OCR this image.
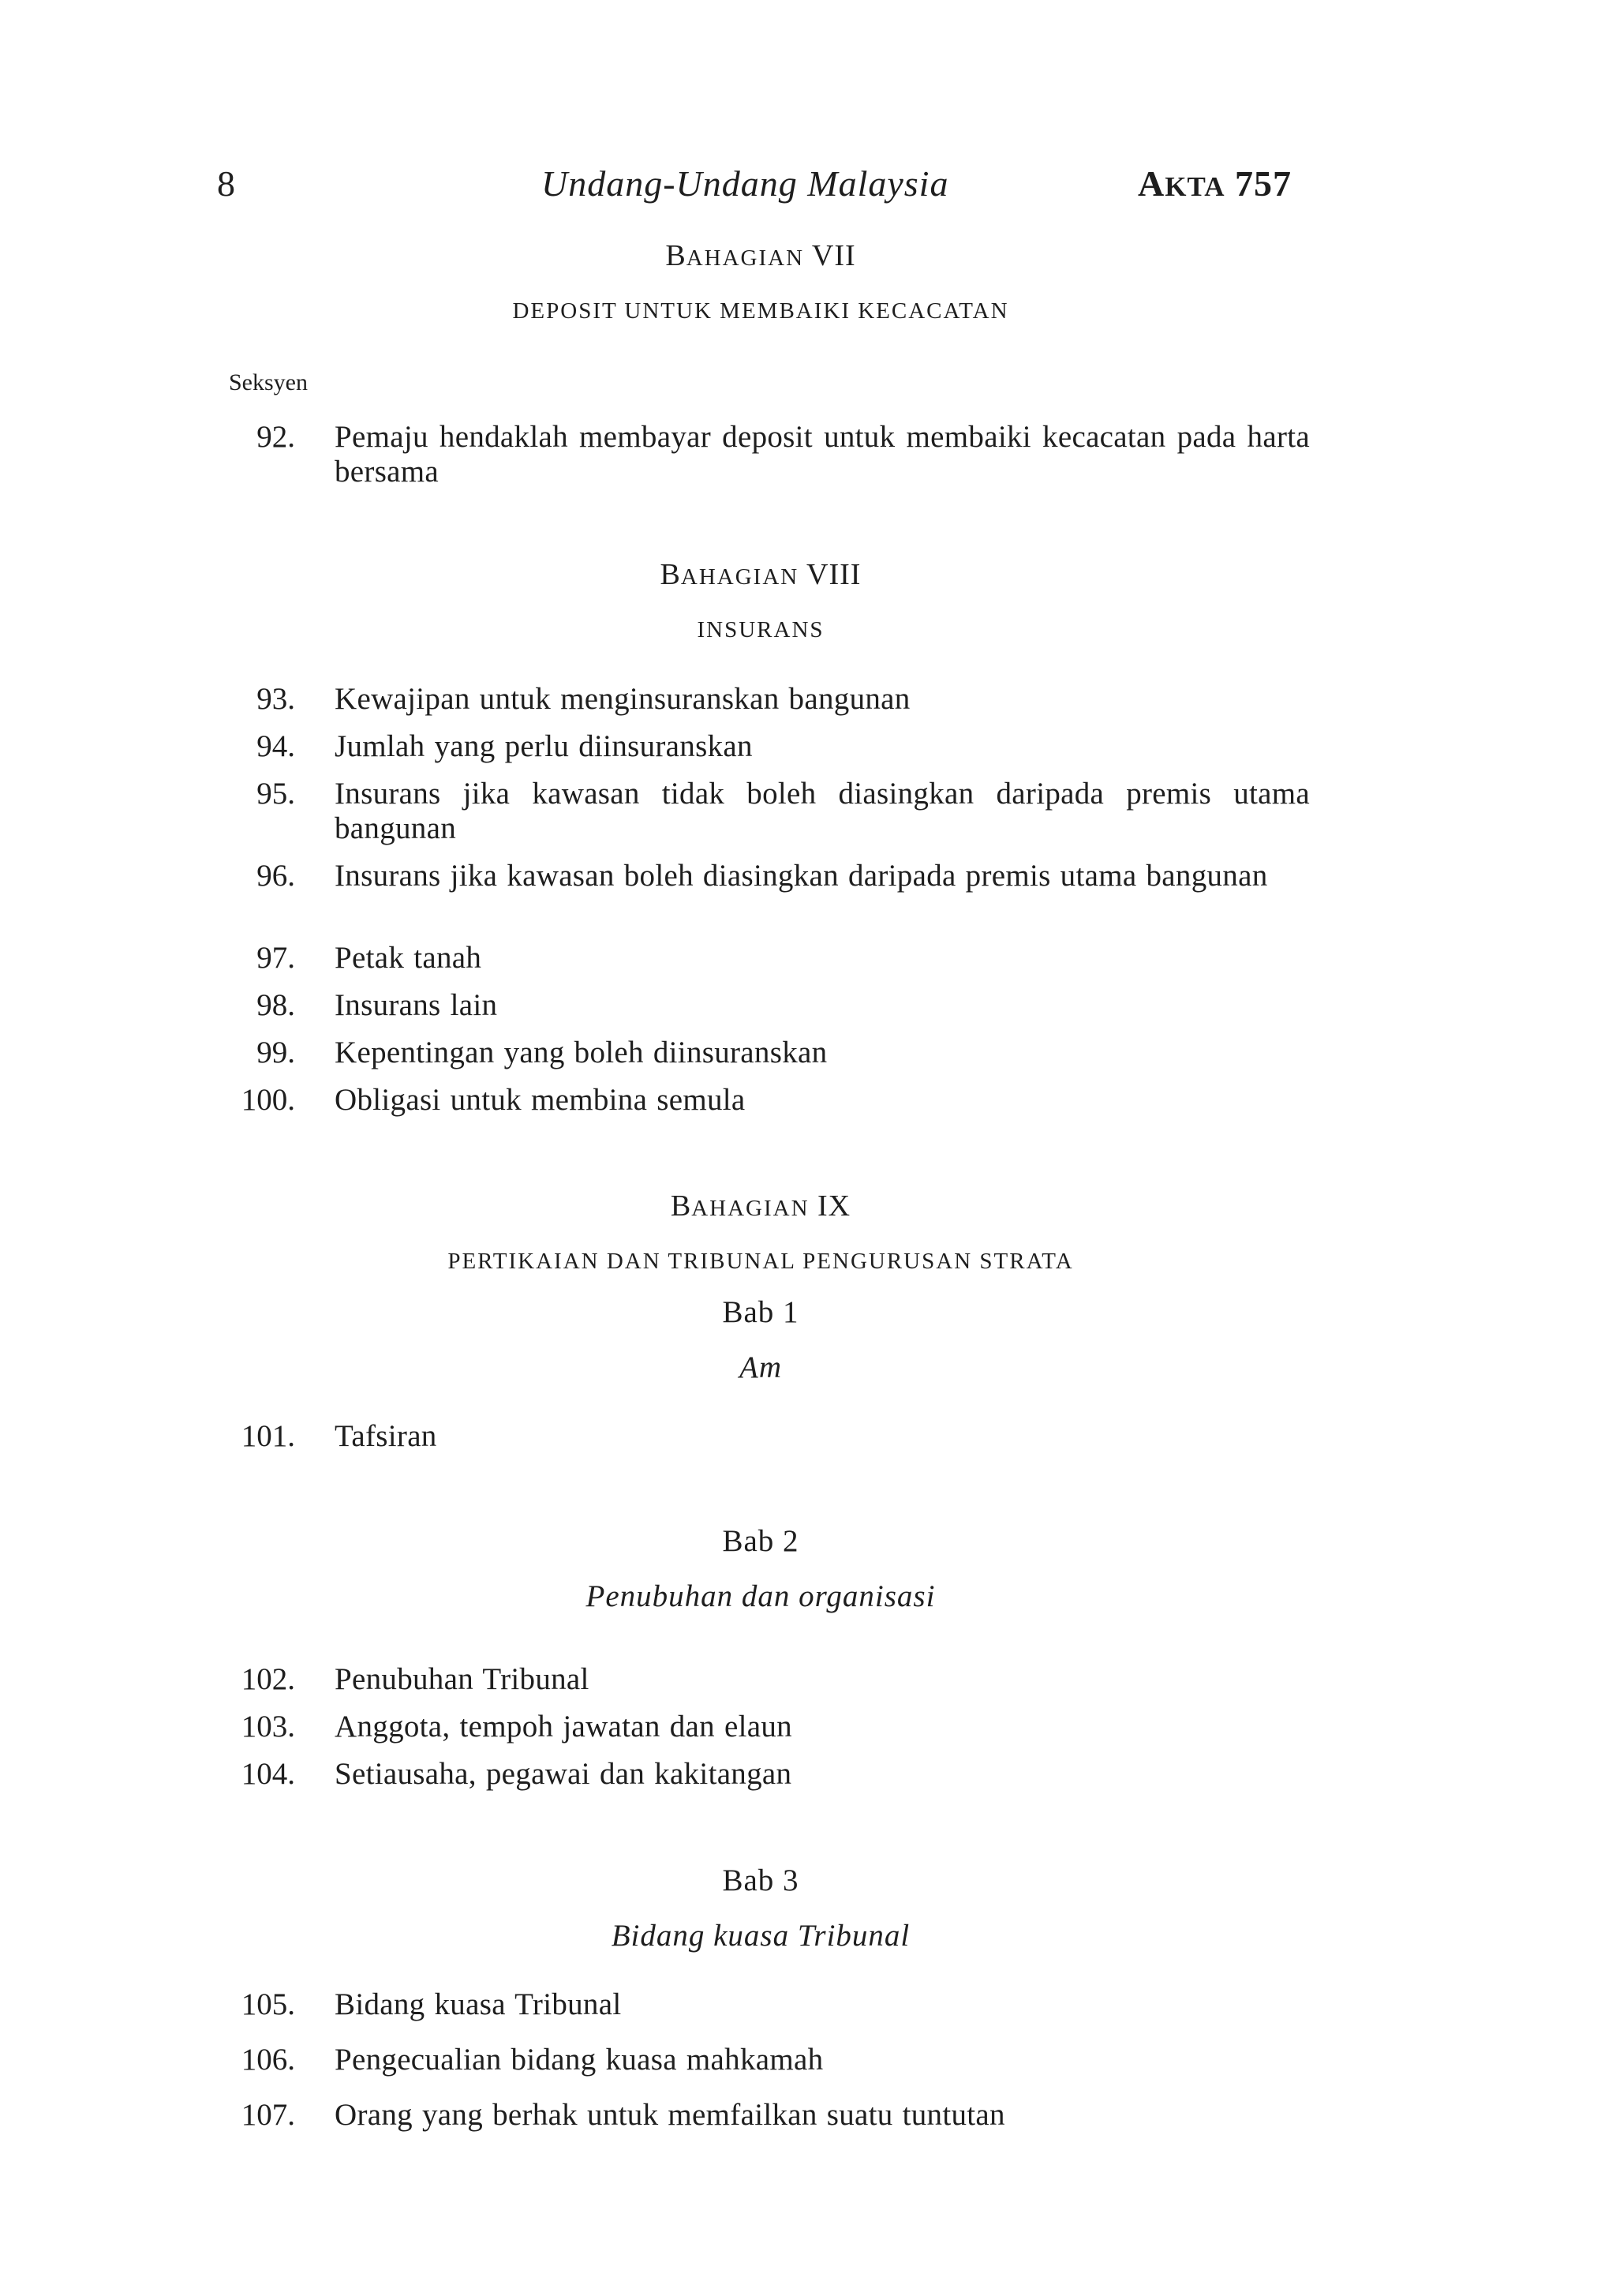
8	Undang-Undang Malaysia	AKTA 757
BAHAGIAN VII
DEPOSIT UNTUK MEMBAIKI KECACATAN
Seksyen
92. Pemaju hendaklah membayar deposit untuk membaiki kecacatan pada harta bersama
BAHAGIAN VIII
INSURANS
93. Kewajipan untuk menginsuranskan bangunan
94. Jumlah yang perlu diinsuranskan
95. Insurans jika kawasan tidak boleh diasingkan daripada premis utama bangunan
96. Insurans jika kawasan boleh diasingkan daripada premis utama bangunan
97. Petak tanah
98. Insurans lain
99. Kepentingan yang boleh diinsuranskan
100. Obligasi untuk membina semula
BAHAGIAN IX
PERTIKAIAN DAN TRIBUNAL PENGURUSAN STRATA
Bab 1
Am
101. Tafsiran
Bab 2
Penubuhan dan organisasi
102. Penubuhan Tribunal
103. Anggota, tempoh jawatan dan elaun
104. Setiausaha, pegawai dan kakitangan
Bab 3
Bidang kuasa Tribunal
105. Bidang kuasa Tribunal
106. Pengecualian bidang kuasa mahkamah
107. Orang yang berhak untuk memfailkan suatu tuntutan
